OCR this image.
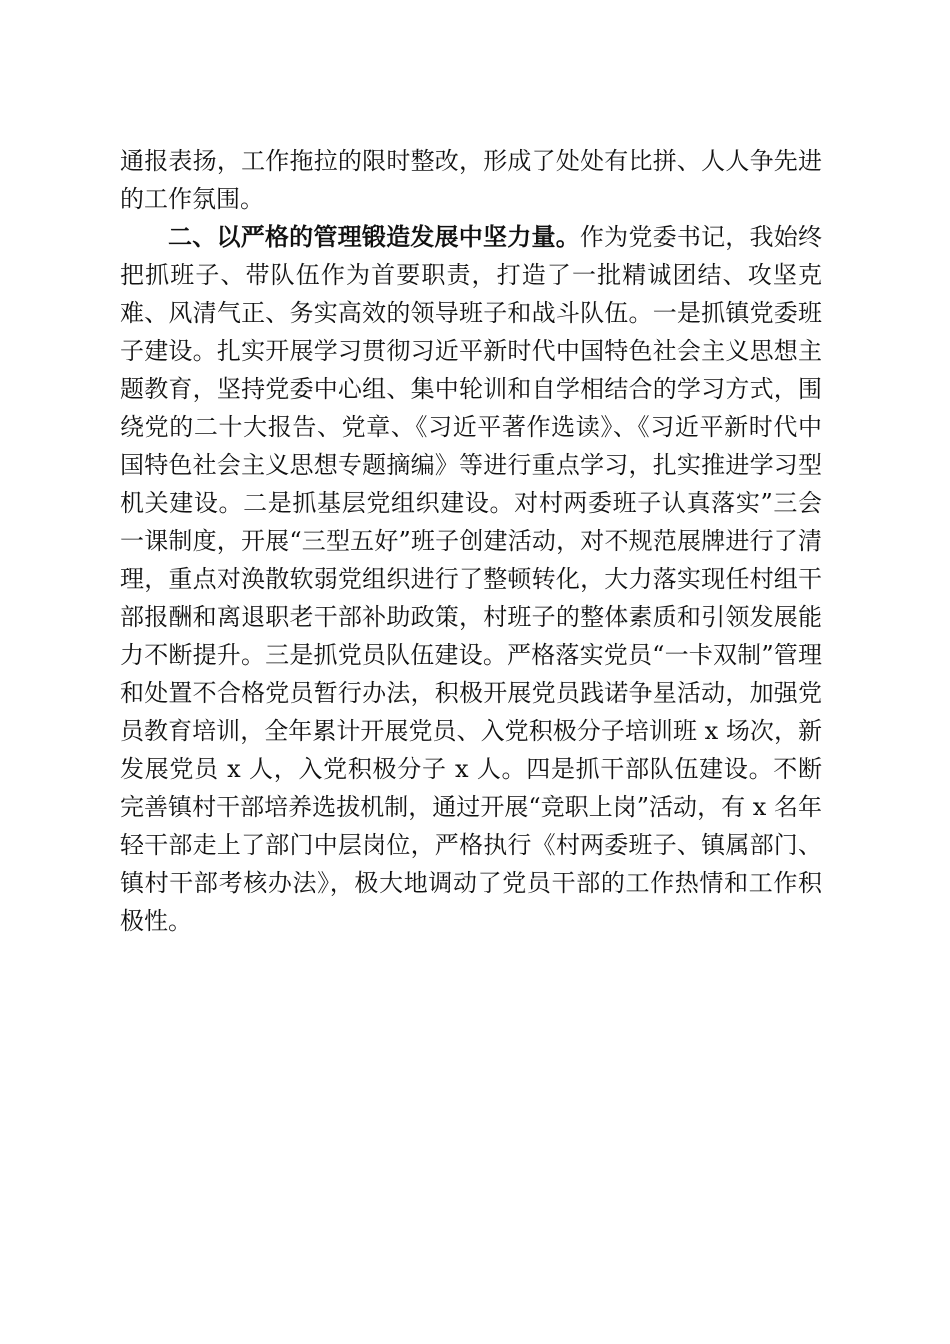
通报表扬，工作拖拉的限时整改，形成了处处有比拼、人人争先进的工作氛围。

二、以严格的管理锻造发展中坚力量。作为党委书记，我始终把抓班子、带队伍作为首要职责，打造了一批精诚团结、攻坚克难、风清气正、务实高效的领导班子和战斗队伍。一是抓镇党委班子建设。扎实开展学习贯彻习近平新时代中国特色社会主义思想主题教育，坚持党委中心组、集中轮训和自学相结合的学习方式，围绕党的二十大报告、党章、《习近平著作选读》、《习近平新时代中国特色社会主义思想专题摘编》等进行重点学习，扎实推进学习型机关建设。二是抓基层党组织建设。对村两委班子认真落实”三会一课制度，开展“三型五好”班子创建活动，对不规范展牌进行了清理，重点对涣散软弱党组织进行了整顿转化，大力落实现任村组干部报酬和离退职老干部补助政策，村班子的整体素质和引领发展能力不断提升。三是抓党员队伍建设。严格落实党员“一卡双制”管理和处置不合格党员暂行办法，积极开展党员践诺争星活动，加强党员教育培训，全年累计开展党员、入党积极分子培训班 x 场次，新发展党员 x 人，入党积极分子 x 人。四是抓干部队伍建设。不断完善镇村干部培养选拔机制，通过开展“竞职上岗”活动，有 x 名年轻干部走上了部门中层岗位，严格执行《村两委班子、镇属部门、镇村干部考核办法》，极大地调动了党员干部的工作热情和工作积极性。
